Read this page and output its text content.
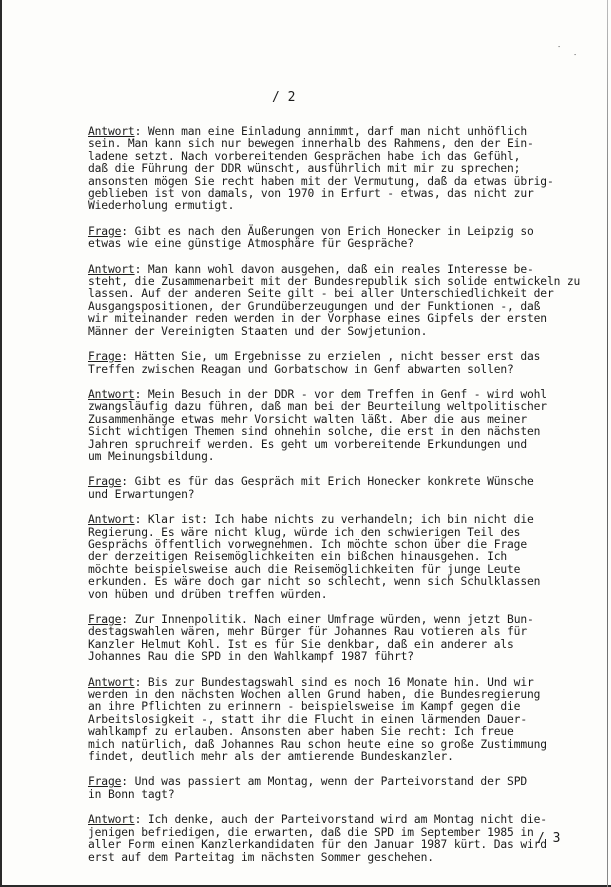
⸳
⸳
/ 2

Antwort: Wenn man eine Einladung annimmt, darf man nicht unhöflich
sein. Man kann sich nur bewegen innerhalb des Rahmens, den der Ein-
ladene setzt. Nach vorbereitenden Gesprächen habe ich das Gefühl,
daß die Führung der DDR wünscht, ausführlich mit mir zu sprechen;
ansonsten mögen Sie recht haben mit der Vermutung, daß da etwas übrig-
geblieben ist von damals, von 1970 in Erfurt - etwas, das nicht zur
Wiederholung ermutigt.

Frage: Gibt es nach den Äußerungen von Erich Honecker in Leipzig so
etwas wie eine günstige Atmosphäre für Gespräche?

Antwort: Man kann wohl davon ausgehen, daß ein reales Interesse be-
steht, die Zusammenarbeit mit der Bundesrepublik sich solide entwickeln zu
lassen. Auf der anderen Seite gilt - bei aller Unterschiedlichkeit der
Ausgangspositionen, der Grundüberzeugungen und der Funktionen -, daß
wir miteinander reden werden in der Vorphase eines Gipfels der ersten
Männer der Vereinigten Staaten und der Sowjetunion.

Frage: Hätten Sie, um Ergebnisse zu erzielen , nicht besser erst das
Treffen zwischen Reagan und Gorbatschow in Genf abwarten sollen?

Antwort: Mein Besuch in der DDR - vor dem Treffen in Genf - wird wohl
zwangsläufig dazu führen, daß man bei der Beurteilung weltpolitischer
Zusammenhänge etwas mehr Vorsicht walten läßt. Aber die aus meiner
Sicht wichtigen Themen sind ohnehin solche, die erst in den nächsten
Jahren spruchreif werden. Es geht um vorbereitende Erkundungen und
um Meinungsbildung.

Frage: Gibt es für das Gespräch mit Erich Honecker konkrete Wünsche
und Erwartungen?

Antwort: Klar ist: Ich habe nichts zu verhandeln; ich bin nicht die
Regierung. Es wäre nicht klug, würde ich den schwierigen Teil des
Gesprächs öffentlich vorwegnehmen. Ich möchte schon über die Frage
der derzeitigen Reisemöglichkeiten ein bißchen hinausgehen. Ich
möchte beispielsweise auch die Reisemöglichkeiten für junge Leute
erkunden. Es wäre doch gar nicht so schlecht, wenn sich Schulklassen
von hüben und drüben treffen würden.

Frage: Zur Innenpolitik. Nach einer Umfrage würden, wenn jetzt Bun-
destagswahlen wären, mehr Bürger für Johannes Rau votieren als für
Kanzler Helmut Kohl. Ist es für Sie denkbar, daß ein anderer als
Johannes Rau die SPD in den Wahlkampf 1987 führt?

Antwort: Bis zur Bundestagswahl sind es noch 16 Monate hin. Und wir
werden in den nächsten Wochen allen Grund haben, die Bundesregierung
an ihre Pflichten zu erinnern - beispielsweise im Kampf gegen die
Arbeitslosigkeit -, statt ihr die Flucht in einen lärmenden Dauer-
wahlkampf zu erlauben. Ansonsten aber haben Sie recht: Ich freue
mich natürlich, daß Johannes Rau schon heute eine so große Zustimmung
findet, deutlich mehr als der amtierende Bundeskanzler.

Frage: Und was passiert am Montag, wenn der Parteivorstand der SPD
in Bonn tagt?

Antwort: Ich denke, auch der Parteivorstand wird am Montag nicht die-
jenigen befriedigen, die erwarten, daß die SPD im September 1985 in
aller Form einen Kanzlerkandidaten für den Januar 1987 kürt. Das wird
erst auf dem Parteitag im nächsten Sommer geschehen.

/ 3
